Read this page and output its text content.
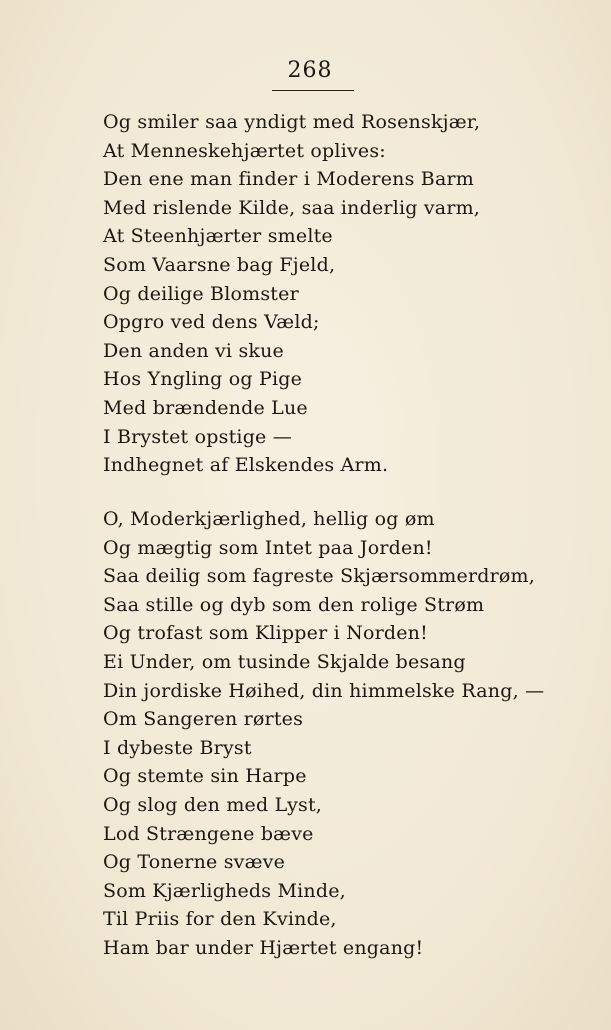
268
Og smiler saa yndigt med Rosenskjær,
At Menneskehjærtet oplives:
Den ene man finder i Moderens Barm
Med rislende Kilde, saa inderlig varm,
At Steenhjærter smelte
Som Vaarsne bag Fjeld,
Og deilige Blomster
Opgro ved dens Væld;
Den anden vi skue
Hos Yngling og Pige
Med brændende Lue
I Brystet opstige —
Indhegnet af Elskendes Arm.
O, Moderkjærlighed, hellig og øm
Og mægtig som Intet paa Jorden!
Saa deilig som fagreste Skjærsommerdrøm,
Saa stille og dyb som den rolige Strøm
Og trofast som Klipper i Norden!
Ei Under, om tusinde Skjalde besang
Din jordiske Høihed, din himmelske Rang, —
Om Sangeren rørtes
I dybeste Bryst
Og stemte sin Harpe
Og slog den med Lyst,
Lod Strængene bæve
Og Tonerne svæve
Som Kjærligheds Minde,
Til Priis for den Kvinde,
Ham bar under Hjærtet engang!
